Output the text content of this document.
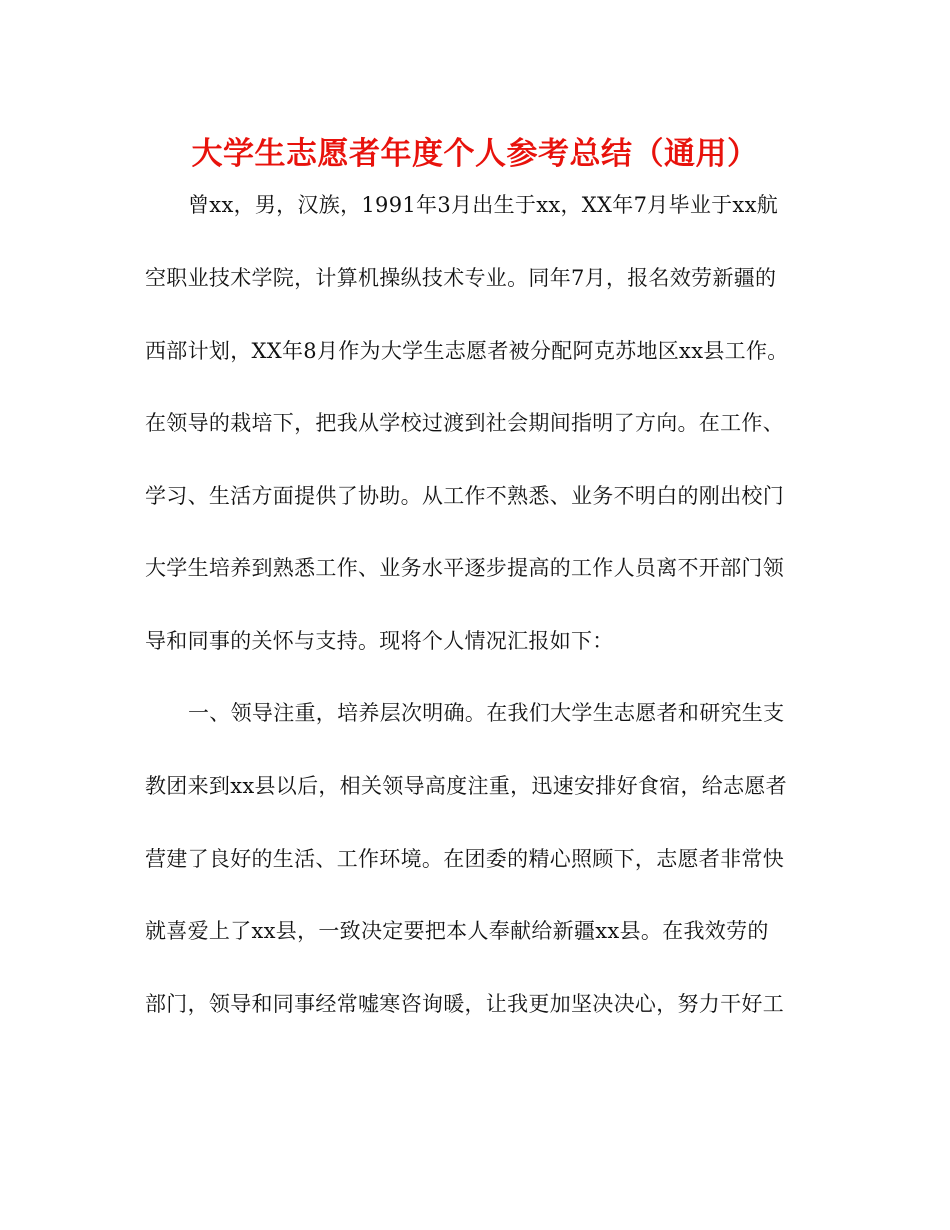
大学生志愿者年度个人参考总结（通用）
曾xx，男，汉族，1991年3月出生于xx，XX年7月毕业于xx航
空职业技术学院，计算机操纵技术专业。同年7月，报名效劳新疆的
西部计划，XX年8月作为大学生志愿者被分配阿克苏地区xx县工作。
在领导的栽培下，把我从学校过渡到社会期间指明了方向。在工作、
学习、生活方面提供了协助。从工作不熟悉、业务不明白的刚出校门
大学生培养到熟悉工作、业务水平逐步提高的工作人员离不开部门领
导和同事的关怀与支持。现将个人情况汇报如下：
一、领导注重，培养层次明确。在我们大学生志愿者和研究生支
教团来到xx县以后，相关领导高度注重，迅速安排好食宿，给志愿者
营建了良好的生活、工作环境。在团委的精心照顾下，志愿者非常快
就喜爱上了xx县，一致决定要把本人奉献给新疆xx县。在我效劳的
部门，领导和同事经常嘘寒咨询暖，让我更加坚决决心，努力干好工
